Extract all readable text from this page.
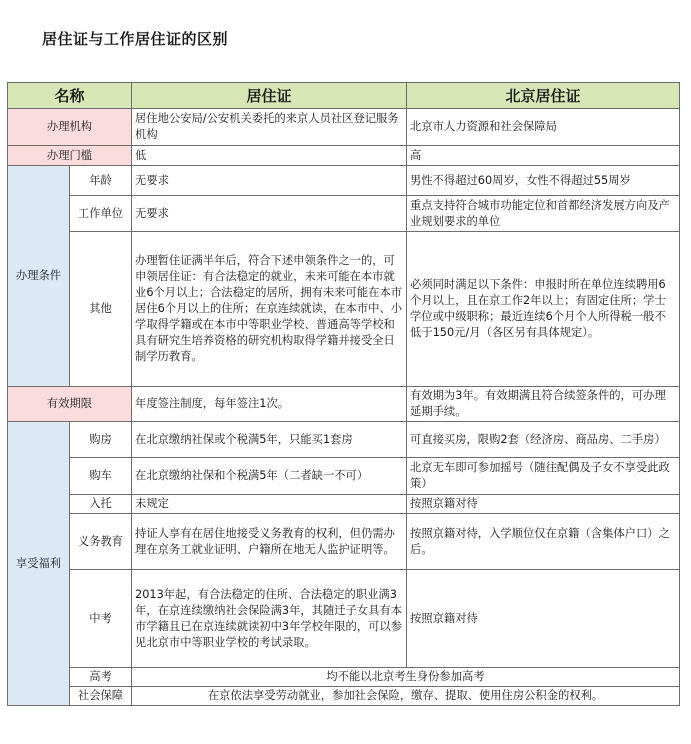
居住证与工作居住证的区别
名称		居住证	北京居住证
办理机构		居住地公安局/公安机关委托的来京人员社区登记服务机构	北京市人力资源和社会保障局
办理门槛		低	高
办理条件	年龄	无要求	男性不得超过60周岁，女性不得超过55周岁
	工作单位	无要求	重点支持符合城市功能定位和首都经济发展方向及产业规划要求的单位
	其他	办理暂住证满半年后，符合下述申领条件之一的，可申领居住证：有合法稳定的就业，未来可能在本市就业6个月以上；合法稳定的居所，拥有未来可能在本市居住6个月以上的住所；在京连续就读，在本市中、小学取得学籍或在本市中等职业学校、普通高等学校和具有研究生培养资格的研究机构取得学籍并接受全日制学历教育。	必须同时满足以下条件：申报时所在单位连续聘用6个月以上，且在京工作2年以上；有固定住所；学士学位或中级职称；最近连续6个月个人所得税一般不低于150元/月（各区另有具体规定）。
有效期限		年度签注制度，每年签注1次。	有效期为3年。有效期满且符合续签条件的，可办理延期手续。
享受福利	购房	在北京缴纳社保或个税满5年，只能买1套房	可直接买房，限购2套（经济房、商品房、二手房）
	购车	在北京缴纳社保和个税满5年（二者缺一不可）	北京无车即可参加摇号（随往配偶及子女不享受此政策）
	入托	未规定	按照京籍对待
	义务教育	持证人享有在居住地接受义务教育的权利，但仍需办理在京务工就业证明、户籍所在地无人监护证明等。	按照京籍对待，入学顺位仅在京籍（含集体户口）之后。
	中考	2013年起，有合法稳定的住所、合法稳定的职业满3年，在京连续缴纳社会保险满3年，其随迁子女具有本市学籍且已在京连续就读初中3年学校年限的，可以参见北京市中等职业学校的考试录取。	按照京籍对待
	高考	均不能以北京考生身份参加高考	
	社会保障	在京依法享受劳动就业，参加社会保险，缴存、提取、使用住房公积金的权利。	
